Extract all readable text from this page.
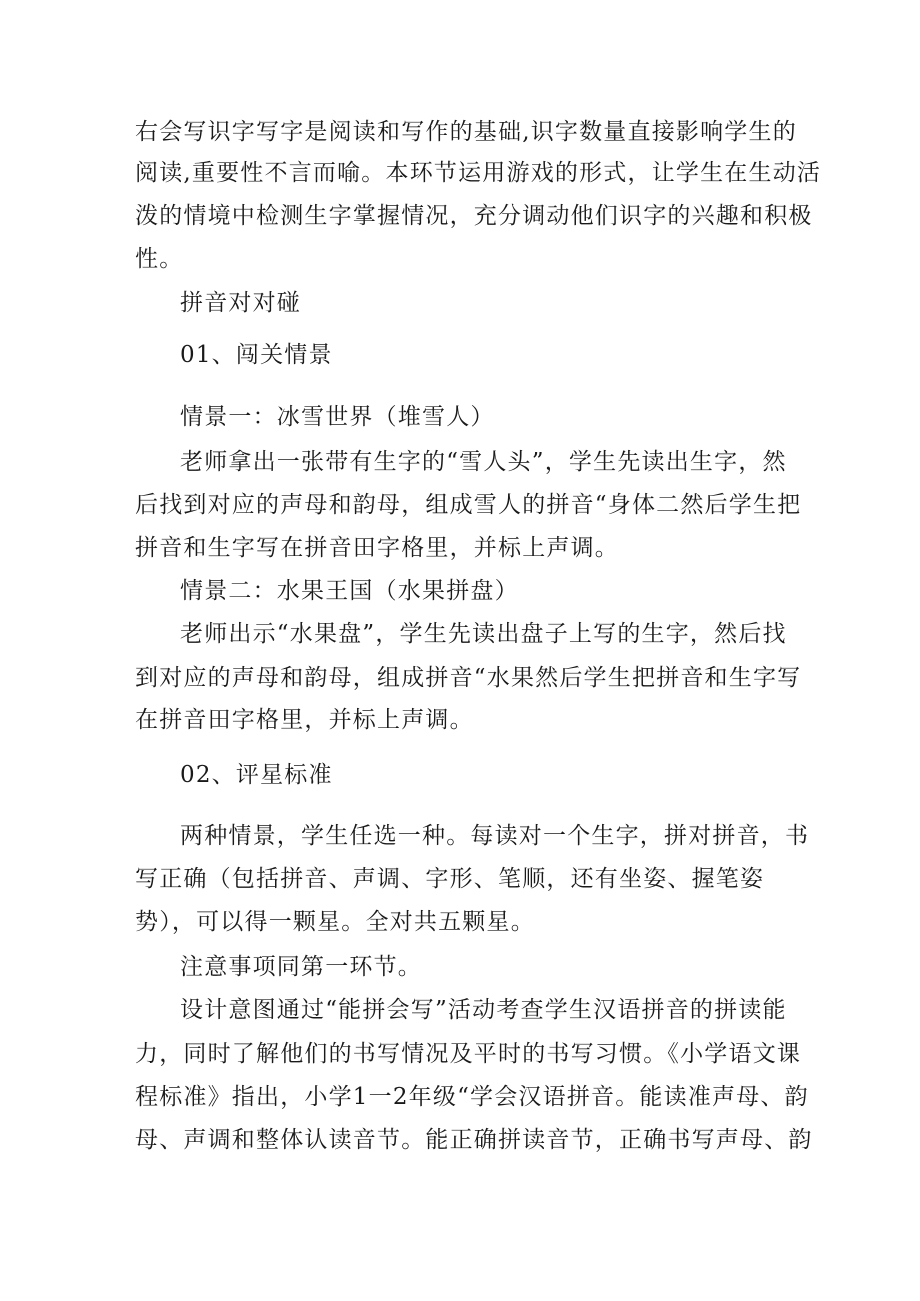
右会写识字写字是阅读和写作的基础,识字数量直接影响学生的
阅读,重要性不言而喻。本环节运用游戏的形式，让学生在生动活
泼的情境中检测生字掌握情况，充分调动他们识字的兴趣和积极
性。
拼音对对碰
01、闯关情景
情景一：冰雪世界（堆雪人）
老师拿出一张带有生字的“雪人头”，学生先读出生字，然
后找到对应的声母和韵母，组成雪人的拼音“身体二然后学生把
拼音和生字写在拼音田字格里，并标上声调。
情景二：水果王国（水果拼盘）
老师出示“水果盘”，学生先读出盘子上写的生字，然后找
到对应的声母和韵母，组成拼音“水果然后学生把拼音和生字写
在拼音田字格里，并标上声调。
02、评星标准
两种情景，学生任选一种。每读对一个生字，拼对拼音，书
写正确（包括拼音、声调、字形、笔顺，还有坐姿、握笔姿
势），可以得一颗星。全对共五颗星。
注意事项同第一环节。
设计意图通过“能拼会写”活动考查学生汉语拼音的拼读能
力，同时了解他们的书写情况及平时的书写习惯。《小学语文课
程标准》指出，小学1一2年级“学会汉语拼音。能读准声母、韵
母、声调和整体认读音节。能正确拼读音节，正确书写声母、韵
